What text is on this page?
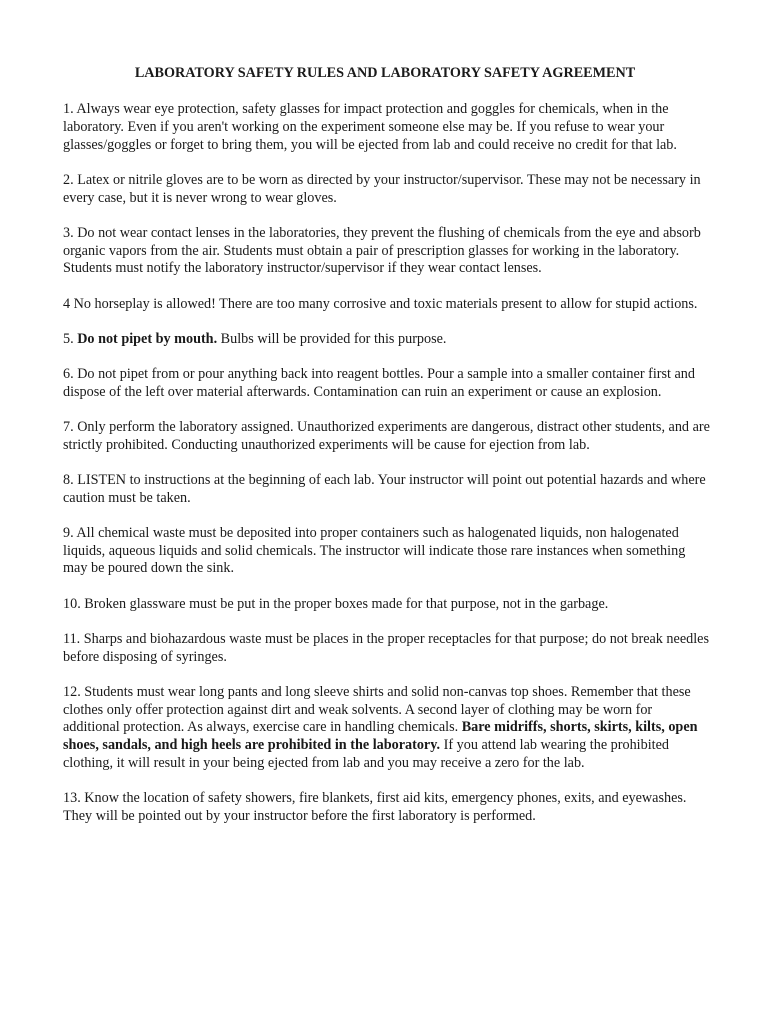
LABORATORY SAFETY RULES AND LABORATORY SAFETY AGREEMENT
1. Always wear eye protection, safety glasses for impact protection and goggles for chemicals, when in the laboratory. Even if you aren't working on the experiment someone else may be. If you refuse to wear your glasses/goggles or forget to bring them, you will be ejected from lab and could receive no credit for that lab.
2. Latex or nitrile gloves are to be worn as directed by your instructor/supervisor. These may not be necessary in every case, but it is never wrong to wear gloves.
3. Do not wear contact lenses in the laboratories, they prevent the flushing of chemicals from the eye and absorb organic vapors from the air. Students must obtain a pair of prescription glasses for working in the laboratory. Students must notify the laboratory instructor/supervisor if they wear contact lenses.
4 No horseplay is allowed! There are too many corrosive and toxic materials present to allow for stupid actions.
5. Do not pipet by mouth. Bulbs will be provided for this purpose.
6. Do not pipet from or pour anything back into reagent bottles. Pour a sample into a smaller container first and dispose of the left over material afterwards. Contamination can ruin an experiment or cause an explosion.
7. Only perform the laboratory assigned. Unauthorized experiments are dangerous, distract other students, and are strictly prohibited. Conducting unauthorized experiments will be cause for ejection from lab.
8. LISTEN to instructions at the beginning of each lab. Your instructor will point out potential hazards and where caution must be taken.
9. All chemical waste must be deposited into proper containers such as halogenated liquids, non halogenated liquids, aqueous liquids and solid chemicals. The instructor will indicate those rare instances when something may be poured down the sink.
10. Broken glassware must be put in the proper boxes made for that purpose, not in the garbage.
11. Sharps and biohazardous waste must be places in the proper receptacles for that purpose; do not break needles before disposing of syringes.
12. Students must wear long pants and long sleeve shirts and solid non-canvas top shoes. Remember that these clothes only offer protection against dirt and weak solvents. A second layer of clothing may be worn for additional protection. As always, exercise care in handling chemicals. Bare midriffs, shorts, skirts, kilts, open shoes, sandals, and high heels are prohibited in the laboratory. If you attend lab wearing the prohibited clothing, it will result in your being ejected from lab and you may receive a zero for the lab.
13. Know the location of safety showers, fire blankets, first aid kits, emergency phones, exits, and eyewashes. They will be pointed out by your instructor before the first laboratory is performed.
